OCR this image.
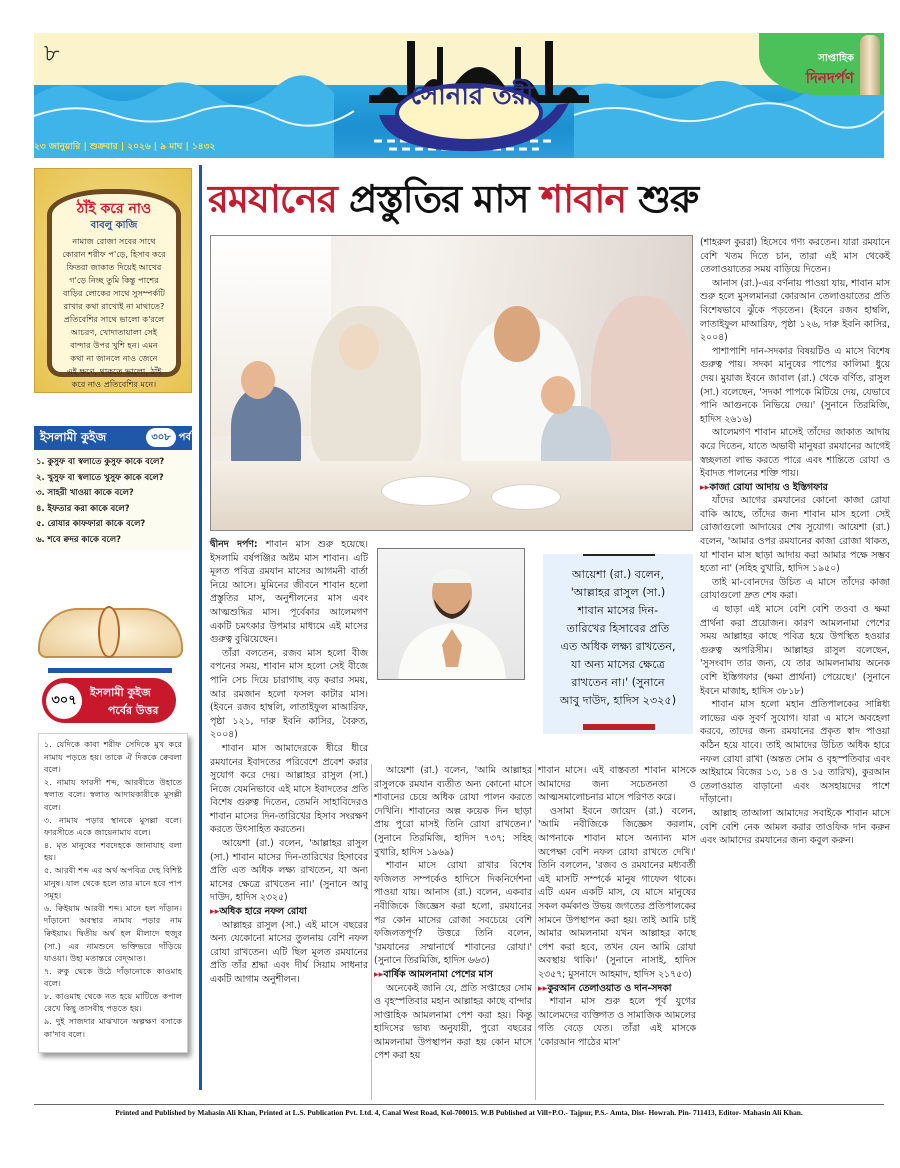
৮
সোনার তরী
২৩ জানুয়ারি | শুক্রবার | ২০২৬ | ৯ মাঘ | ১৪৩২
সাপ্তাহিক
দিনদর্পণ
ঠাঁই করে নাও
বাবলু কাজি
নামাজ রোজা সবের সাথে
কোরান শরীফ প'ড়ে, হিসাব করে
ফিতরা জাকাত দিয়েই আখের
গ'ড়ে নিচ্ছ তুমি কিন্তু পাশের
বাড়ির লোকের সাথে সুসম্পর্কটি
রাখার কথা রাখোই না মাথাতে?
প্রতিবেশির সাথে ভালো ক'রলে
আচরণ, খোদাতায়ালা সেই
বান্দার উপর খুশি হন। এমন
কথা না জানলে নাও জেনে
এই ক্ষণে, থাকতে ভালো, ঠাঁই
করে নাও প্রতিবেশির মনে।
ইসলামী কুইজ	৩০৮ পর্ব
১. কুসুফ বা স্বলাতে কুসুফ কাকে বলে?
২. খুসুফ বা স্বলাতে খুসুফ কাকে বলে?
৩. সাহরী খাওয়া কাকে বলে?
৪. ইফতার করা কাকে বলে?
৫. রোযার কাফফারা কাকে বলে?
৬. শবে ক্বদর কাকে বলে?
৩০৭
ইসলামী কুইজ
পর্বের উত্তর

১. যেদিকে কাবা শরীফ সেদিকে মুখ করে নামায পড়তে হয়। তাকে ঐ দিককে ক্বেবলা বলে।

২. নামায ফারসী শব্দ, আরবীতে উহাতে স্বলাত বলে। স্বলাত আদায়কারীকে মুসল্লী বলে।

৩. নামায পড়ার স্থানকে মুসল্লা বলে। ফারসীতে একে জায়েনামায বলে।

৪. মৃত মানুষের শবদেহকে জানাযাহ বলা হয়।

৫. আরবী শব্দ এর অর্থ অপবিত্র দেহ বিশিষ্ট মানুষ। যাল থেকে হলে তার মানে হবে পাপ সমূহ।

৬. ক্বিইয়াম আরবী শব্দ। মানে হল দাঁড়ান। দাঁড়ানো অবস্থার নামায পড়ার নাম ক্বিইয়াম। দ্বিতীয় অর্থ হল মীলাদে হুজুর (সা.) এর নামশুনে ভক্তিভরে দাঁড়িয়ে যাওয়া। উহা মতান্তরে বেদ্আত।

৭. রুকু থেকে উঠে দাঁড়ানোকে কাওমাহ বলে।

৮. কাওমাহ থেকে নত হয়ে মাটিতে কপাল রেখে কিছু তাসবীহ পড়তে হয়।

৯. দুই সাজদার মাঝখানে অল্পক্ষণ বসাকে কা'দাব বলে।

রমযানের প্রস্তুতির মাস শাবান শুরু

দ্বীনদ দর্পণ: শাবান মাস শুরু হয়েছে। ইসলামি বর্ষপঞ্জির অষ্টম মাস শাবান। এটি মূলত পবিত্র রমযান মাসের আগমনী বার্তা নিয়ে আসে। মুমিনের জীবনে শাবান হলো প্রস্তুতির মাস, অনুশীলনের মাস এবং আত্মশুদ্ধির মাস। পূর্বেকার আলেমগণ একটি চমৎকার উপমার মাধ্যমে এই মাসের গুরুত্ব বুঝিয়েছেন।

তাঁরা বলতেন, রজব মাস হলো বীজ বপনের সময়, শাবান মাস হলো সেই বীজে পানি সেচ দিয়ে চারাগাছ বড় করার সময়, আর রমজান হলো ফসল কাটার মাস। (ইবনে রজব হাম্বলি, লাতাইফুল মাআরিফ, পৃষ্ঠা ১২১, দারু ইবনি কাসির, বৈরুত, ২০০৪)

শাবান মাস আমাদেরকে ধীরে ধীরে রমযানের ইবাদতের পরিবেশে প্রবেশ করার সুযোগ করে দেয়। আল্লাহর রাসুল (সা.) নিজে যেমনিভাবে এই মাসে ইবাদতের প্রতি বিশেষ গুরুত্ব দিতেন, তেমনি সাহাবিদেরও শাবান মাসের দিন-তারিখের হিসাব সংরক্ষণ করতে উৎসাহিত করতেন।

আয়েশা (রা.) বলেন, 'আল্লাহর রাসুল (সা.) শাবান মাসের দিন-তারিখের হিসাবের প্রতি এত অধিক লক্ষ্য রাখতেন, যা অন্য মাসের ক্ষেত্রে রাখতেন না।' (সুনানে আবু দাউদ, হাদিস ২৩২৫)

▸▸অধিক হারে নফল রোযা

আল্লাহর রাসুল (সা.) এই মাসে বছরের অন্য যেকোনো মাসের তুলনায় বেশি নফল রোযা রাখতেন। এটি ছিল মূলত রমযানের প্রতি তাঁর শ্রদ্ধা এবং দীর্ঘ সিয়াম সাধনার একটি আগাম অনুশীলন।

আয়েশা (রা.) বলেন,
'আল্লাহর রাসুল (সা.)
শাবান মাসের দিন-
তারিখের হিসাবের প্রতি
এত অধিক লক্ষ্য রাখতেন,
যা অন্য মাসের ক্ষেত্রে
রাখতেন না।' (সুনানে
আবু দাউদ, হাদিস ২৩২৫)

আয়েশা (রা.) বলেন, 'আমি আল্লাহর রাসুলকে রমযান ব্যতীত অন্য কোনো মাসে শাবানের চেয়ে অধিক রোযা পালন করতে দেখিনি। শাবানের অল্প কয়েক দিন ছাড়া প্রায় পুরো মাসই তিনি রোযা রাখতেন।' (সুনানে তিরমিজি, হাদিস ৭৩৭; সহিহ বুখারি, হাদিস ১৯৬৯)

শাবান মাসে রোযা রাখার বিশেষ ফজিলত সম্পর্কেও হাদিসে দিকনির্দেশনা পাওয়া যায়। আনাস (রা.) বলেন, একবার নবীজিকে জিজ্ঞেস করা হলো, রমযানের পর কোন মাসের রোজা সবচেয়ে বেশি ফজিলতপূর্ণ? উত্তরে তিনি বলেন, 'রমযানের সম্মানার্থে শাবানের রোযা।' (সুনানে তিরমিজি, হাদিস ৬৬৩)

▸▸বার্ষিক আমলনামা পেশের মাস

অনেকেই জানি যে, প্রতি সপ্তাহের সোম ও বৃহস্পতিবার মহান আল্লাহর কাছে বান্দার সাপ্তাহিক আমলনামা পেশ করা হয়। কিন্তু হাদিসের ভাষ্য অনুযায়ী, পুরো বছরের আমলনামা উপস্থাপন করা হয় কোন মাসে পেশ করা হয়

শাবান মাসে। এই বাস্তবতা শাবান মাসকে আমাদের জন্য সচেতনতা ও আত্মসমালোচনার মাসে পরিণত করে।

ওসামা ইবনে জায়েদ (রা.) বলেন, 'আমি নবীজিকে জিজ্ঞেস করলাম, আপনাকে শাবান মাসে অন্যান্য মাস অপেক্ষা বেশি নফল রোযা রাখতে দেখি।' তিনি বললেন, 'রজব ও রমযানের মধ্যবর্তী এই মাসটি সম্পর্কে মানুষ গাফেল থাকে। এটি এমন একটি মাস, যে মাসে মানুষের সকল কর্মকাণ্ড উভয় জগতের প্রতিপালকের সামনে উপস্থাপন করা হয়। তাই আমি চাই আমার আমলনামা যখন আল্লাহর কাছে পেশ করা হবে, তখন যেন আমি রোযা অবস্থায় থাকি।' (সুনানে নাসাই, হাদিস ২৩৫৭; মুসনাদে আহমাদ, হাদিস ২১৭৫৩)

▸▸কুরআন তেলাওয়াত ও দান-সদকা

শাবান মাস শুরু হলে পূর্ব যুগের আলেমদের ব্যক্তিগত ও সামাজিক আমলের গতি বেড়ে যেত। তাঁরা এই মাসকে 'কোরআন পাঠের মাস'

(শাহরুল কুররা) হিসেবে গণ্য করতেন। যারা রমযানে বেশি খতম দিতে চান, তারা এই মাস থেকেই তেলাওয়াতের সময় বাড়িয়ে দিতেন।

আনাস (রা.)-এর বর্ণনায় পাওয়া যায়, শাবান মাস শুরু হলে মুসলমানরা কোরআন তেলাওয়াতের প্রতি বিশেষভাবে ঝুঁকে পড়তেন। (ইবনে রজব হাম্বলি, লাতাইফুল মাআরিফ, পৃষ্ঠা ১২৬, দারু ইবনি কাসির, ২০০৪)

পাশাপাশি দান-সদকার বিষয়টিও এ মাসে বিশেষ গুরুত্ব পায়। সদকা মানুষের পাপের কালিমা ধুয়ে দেয়। মুয়াজ ইবনে জাবাল (রা.) থেকে বর্ণিত, রাসুল (সা.) বলেছেন, 'সদকা পাপকে মিটিয়ে দেয়, যেভাবে পানি আগুনকে নিভিয়ে দেয়।' (সুনানে তিরমিজি, হাদিস ২৬১৬)

আলেমগণ শাবান মাসেই তাঁদের জাকাত আদায় করে দিতেন, যাতে অভাবী মানুষরা রমযানের আগেই স্বচ্ছলতা লাভ করতে পারে এবং শান্তিতে রোযা ও ইবাদত পালনের শক্তি পায়।

▸▸কাজা রোযা আদায় ও ইস্তিগফার

যাঁদের আগের রমযানের কোনো কাজা রোযা বাকি আছে, তাঁদের জন্য শাবান মাস হলো সেই রোজাগুলো আদায়ের শেষ সুযোগ। আয়েশা (রা.) বলেন, 'আমার ওপর রমযানের কাজা রোজা থাকত, যা শাবান মাস ছাড়া আদায় করা আমার পক্ষে সম্ভব হতো না' (সহিহ বুখারি, হাদিস ১৯৫০)

তাই মা-বোনদের উচিত এ মাসে তাঁদের কাজা রোযাগুলো দ্রুত শেষ করা।

এ ছাড়া এই মাসে বেশি বেশি তওবা ও ক্ষমা প্রার্থনা করা প্রয়োজন। কারণ আমলনামা পেশের সময় আল্লাহর কাছে পবিত্র হয়ে উপস্থিত হওয়ার গুরুত্ব অপরিসীম। আল্লাহর রাসুল বলেছেন, 'সুসংবাদ তার জন্য, যে তার আমলনামায় অনেক বেশি ইস্তিগফার (ক্ষমা প্রার্থনা) পেয়েছে।' (সুনানে ইবনে মাজাহ, হাদিস ৩৮১৮)

শাবান মাস হলো মহান প্রতিপালকের সান্নিধ্য লাভের এক সুবর্ণ সুযোগ। যারা এ মাসে অবহেলা করবে, তাদের জন্য রমযানের প্রকৃত স্বাদ পাওয়া কঠিন হয়ে যাবে। তাই আমাদের উচিত অধিক হারে নফল রোযা রাখা (অন্তত সোম ও বৃহস্পতিবার এবং আইয়ামে বিজের ১৩, ১৪ ও ১৫ তারিখ), কুরআন তেলাওয়াত বাড়ানো এবং অসহায়দের পাশে দাঁড়ানো।

আল্লাহ তাআলা আমাদের সবাইকে শাবান মাসে বেশি বেশি নেক আমল করার তাওফিক দান করুন এবং আমাদের রমযানের জন্য কবুল করুন।

Printed and Published by Mahasin Ali Khan, Printed at L.S. Publication Pvt. Ltd. 4, Canal West Road, Kol-700015. W.B Published at Vill+P.O.- Tajpur, P.S.- Amta, Dist- Howrah. Pin- 711413, Editor- Mahasin Ali Khan.
